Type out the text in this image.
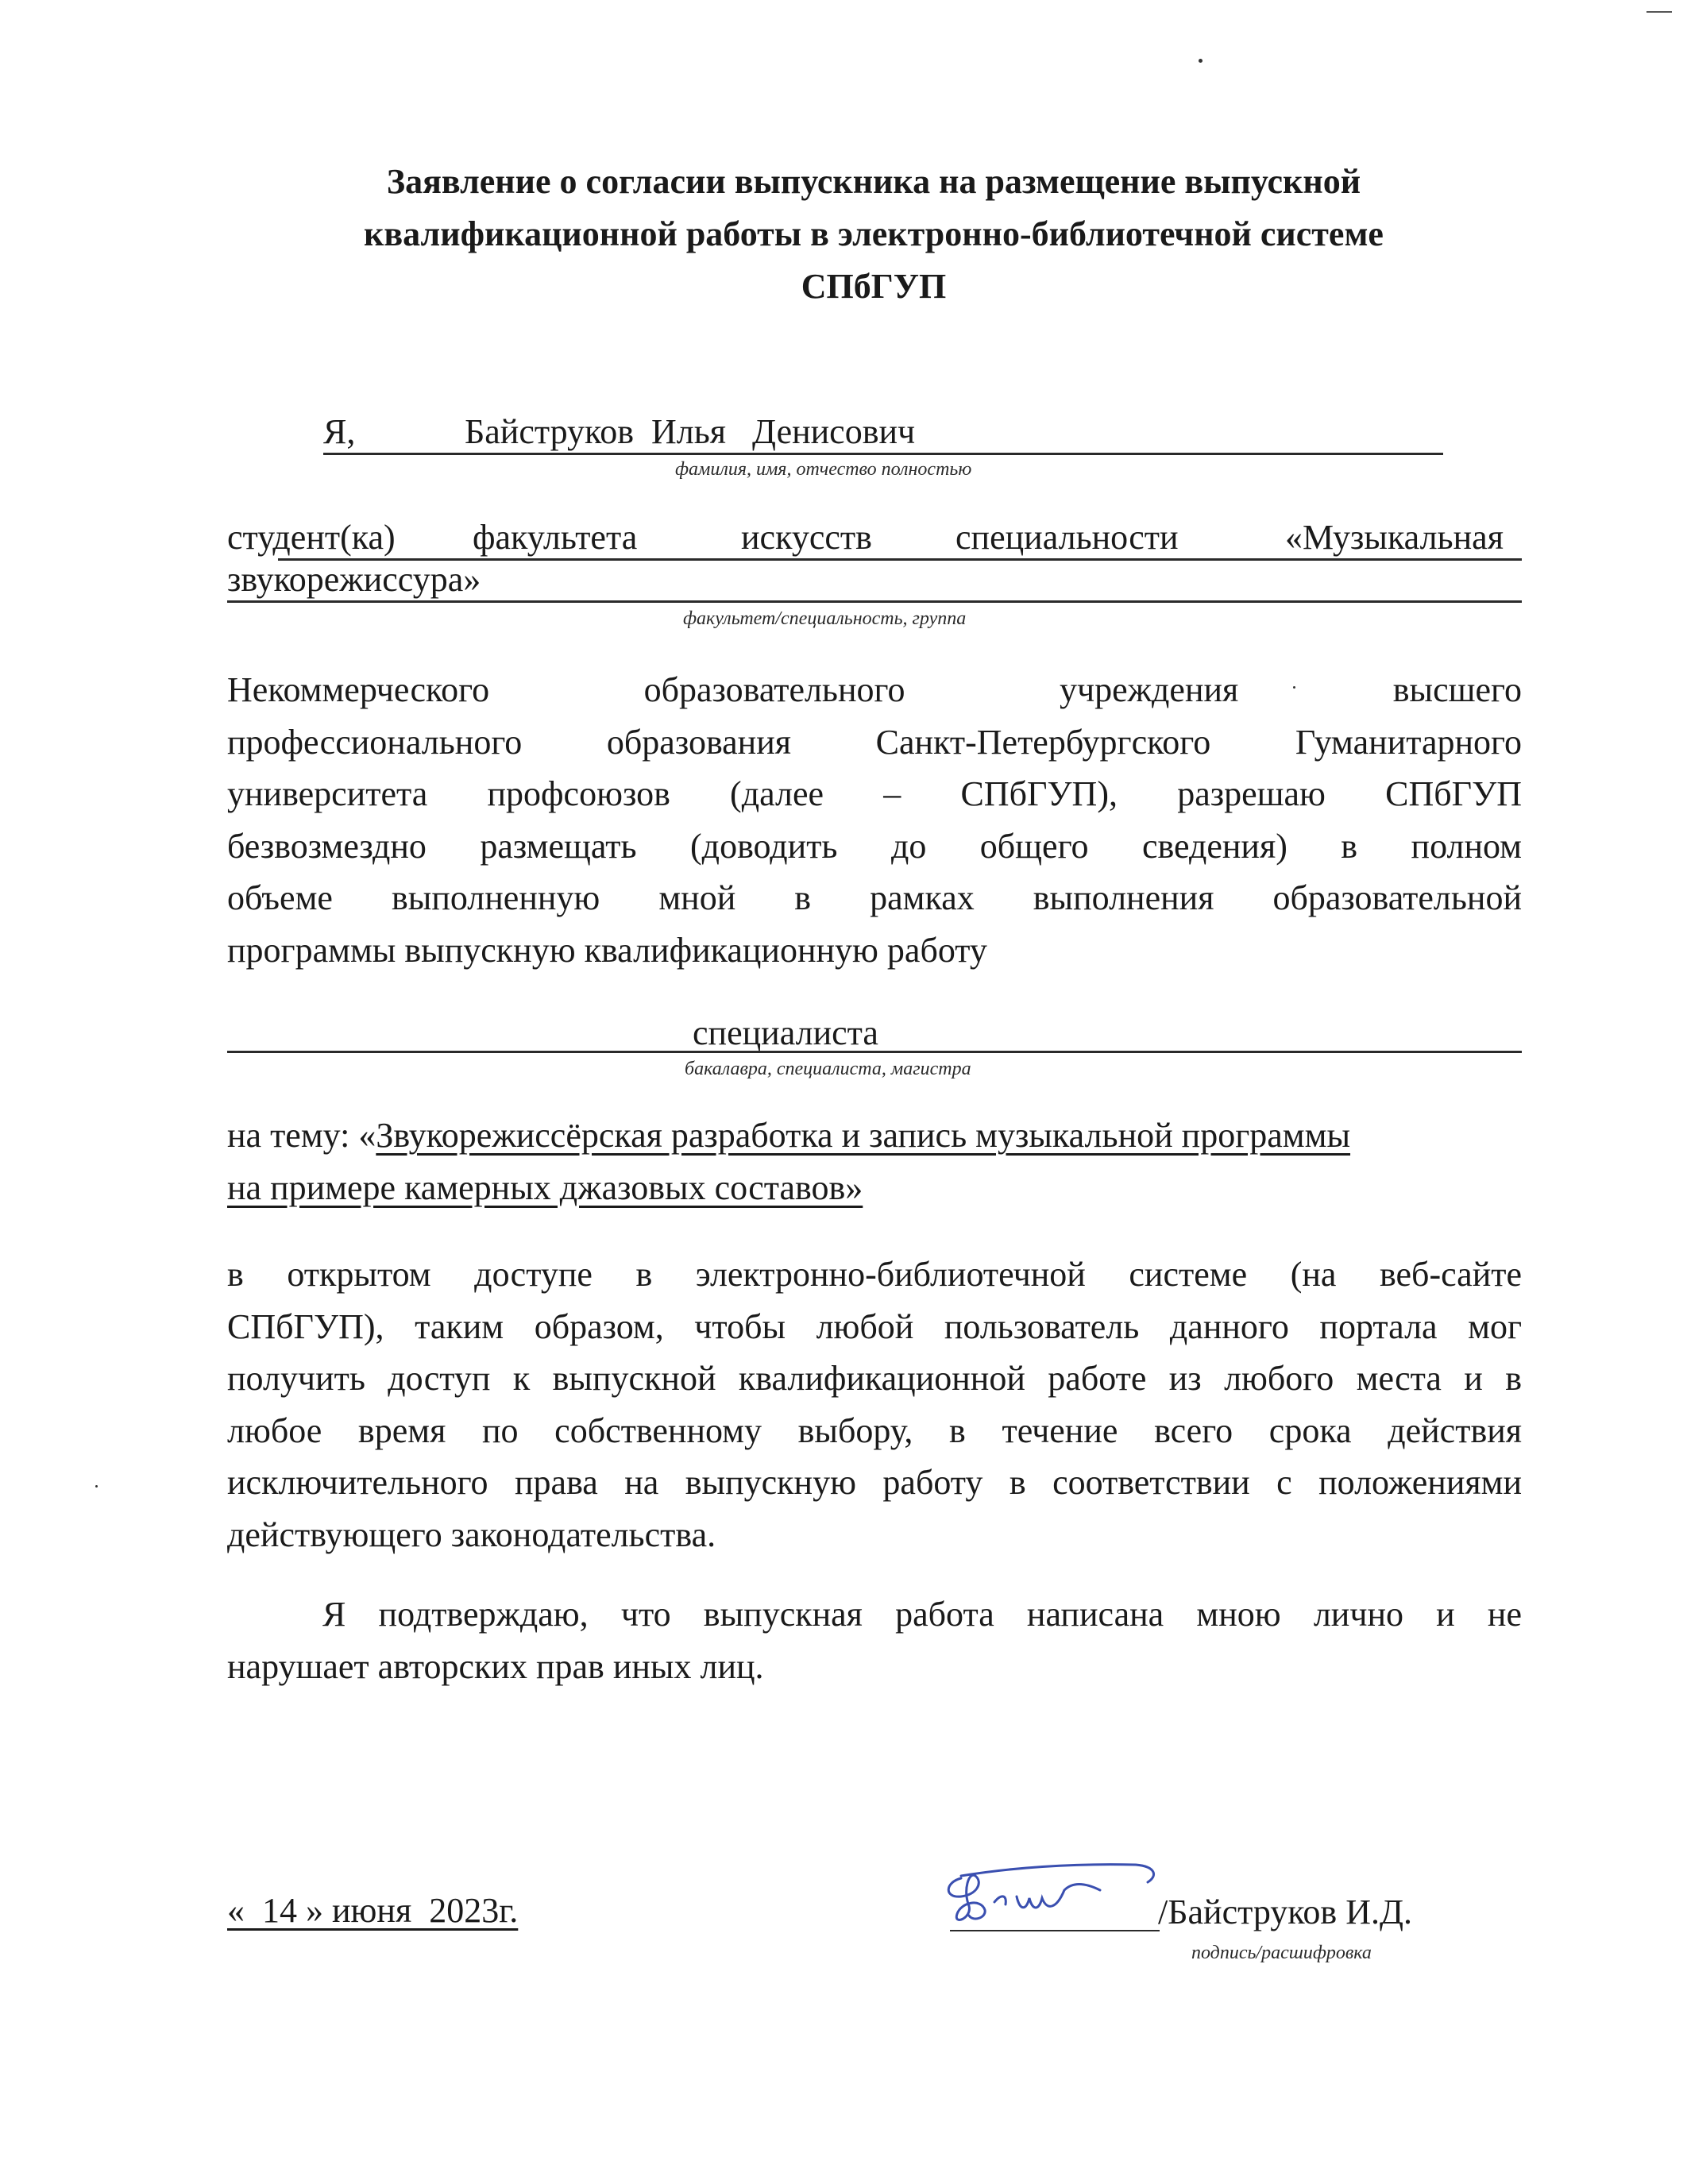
Заявление о согласии выпускника на размещение выпускной
квалификационной работы в электронно-библиотечной системе
СПбГУП
Я,	Байструков  Илья   Денисович
фамилия, имя, отчество полностью
студент(ка) факультета	искусств специальности	«Музыкальная
звукорежиссура»
факультет/специальность, группа
Некоммерческого образовательного учреждения высшего
профессионального образования Санкт-Петербургского Гуманитарного
университета профсоюзов (далее – СПбГУП), разрешаю СПбГУП
безвозмездно размещать (доводить до общего сведения) в полном
объеме выполненную мной в рамках выполнения образовательной
программы выпускную квалификационную работу
специалиста
бакалавра, специалиста, магистра
на тему: «Звукорежиссёрская разработка и запись музыкальной программы
на примере камерных джазовых составов»
в открытом доступе в электронно-библиотечной системе (на веб-сайте
СПбГУП), таким образом, чтобы любой пользователь данного портала мог
получить доступ к выпускной квалификационной работе из любого места и в
любое время по собственному выбору, в течение всего срока действия
исключительного права на выпускную работу в соответствии с положениями
действующего законодательства.
Я подтверждаю, что выпускная работа написана мною лично и не
нарушает авторских прав иных лиц.
«  14 » июня  2023г.	/Байструков И.Д.
подпись/расшифровка
